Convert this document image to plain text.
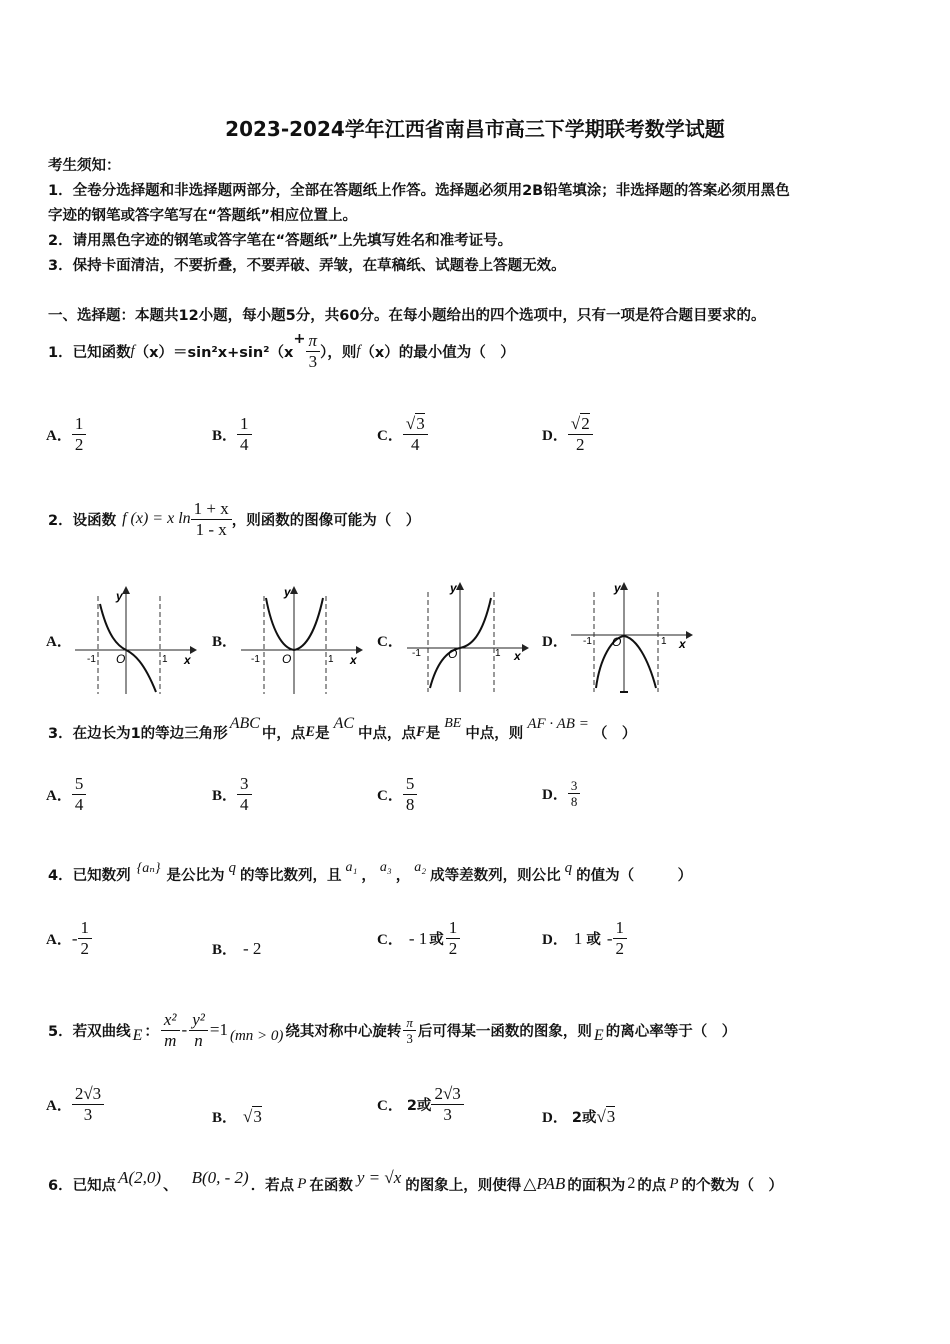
2023-2024学年江西省南昌市高三下学期联考数学试题
考生须知：
1．全卷分选择题和非选择题两部分，全部在答题纸上作答。选择题必须用2B铅笔填涂；非选择题的答案必须用黑色
字迹的钢笔或答字笔写在“答题纸”相应位置上。
2．请用黑色字迹的钢笔或答字笔在“答题纸”上先填写姓名和准考证号。
3．保持卡面清洁，不要折叠，不要弄破、弄皱，在草稿纸、试题卷上答题无效。
一、选择题：本题共12小题，每小题5分，共60分。在每小题给出的四个选项中，只有一项是符合题目要求的。
1．已知函数 f （x）＝sin²x+sin²（x
+ $\frac{\pi}{3}$ ），则 f （x）的最小值为（　）
A． $\frac{1}{2}$	B． $\frac{1}{4}$	C． $\frac{√3}{4}$	D． $\frac{√2}{2}$
2．设函数 f (x) = x $\ln \frac{1 + x}{1 - x}$ ，则函数的图像可能为（　）
A．	B．	C．	D．
y
x
-1	1
O
y
x
-1	1
O
y
x
-1	1
O
y
x
-1	1
O
3．在边长为1的等边三角形
ABC
中，点 E 是
AC
中点，点 F 是
BE
中点，则
AF · AB =
（　）
A． $\frac{5}{4}$	B． $\frac{3}{4}$	C． $\frac{5}{8}$	D． $\frac{3}{8}$
4．已知数列 {aₙ} 是公比为 q 的等比数列，且 a₁ ， a₃ ， a₂ 成等差数列，则公比 q 的值为（　　　）
A． - $\frac{1}{2}$	B． - 2	C． - 1 或 $\frac{1}{2}$	D． 1 或 - $\frac{1}{2}$
5．若双曲线 E ： $\frac{\text{x²}}{m} - \frac{\text{y²}}{n} =1$ (mn > 0) 绕其对称中心旋转 $\frac{\pi}{3}$ 后可得某一函数的图象，则 E 的离心率等于（　）
A． $\frac{2√3}{3}$	B． √3
C． 2或 $\frac{2√3}{3}$	D． 2或 √3
6．已知点 A(2,0) 、 B(0, - 2) ．若点 P 在函数 y = √x 的图象上，则使得 △PAB 的面积为 2 的点 P 的个数为（　）
